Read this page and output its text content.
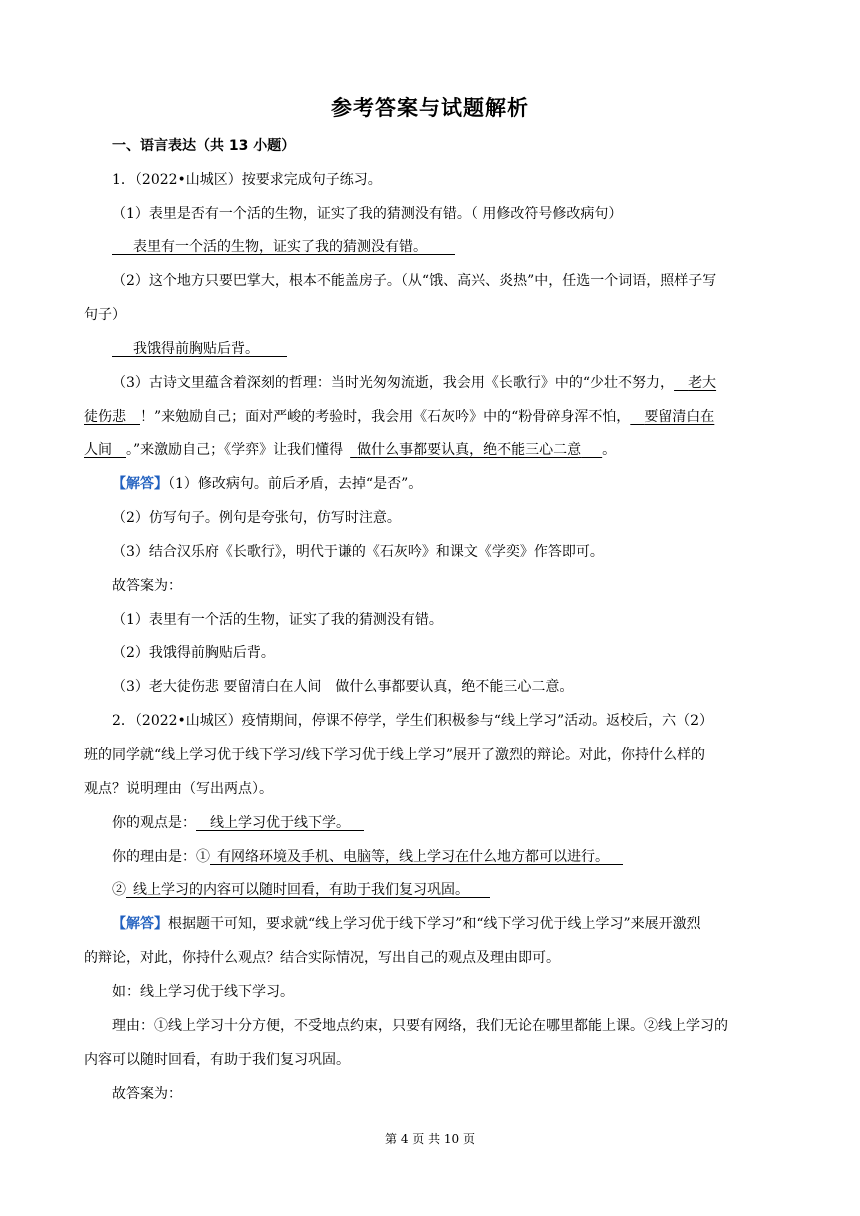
参考答案与试题解析
一、语言表达（共 13 小题）
1．（2022•山城区）按要求完成句子练习。
（1）表里是否有一个活的生物，证实了我的猜测没有错。（ 用修改符号修改病句）
  表里有一个活的生物，证实了我的猜测没有错。  
（2）这个地方只要巴掌大，根本不能盖房子。（从“饿、高兴、炎热”中，任选一个词语，照样子写
句子）
  我饿得前胸贴后背。  
（3）古诗文里蕴含着深刻的哲理：当时光匆匆流逝，我会用《长歌行》中的“少壮不努力，  老大
徒伤悲  ！”来勉励自己；面对严峻的考验时，我会用《石灰吟》中的“粉骨碎身浑不怕，  要留清白在
人间  。”来激励自己；《学弈》让我们懂得   做什么事都要认真，绝不能三心二意   。
【解答】（1）修改病句。前后矛盾，去掉“是否”。
（2）仿写句子。例句是夸张句，仿写时注意。
（3）结合汉乐府《长歌行》，明代于谦的《石灰吟》和课文《学奕》作答即可。
故答案为：
（1）表里有一个活的生物，证实了我的猜测没有错。
（2）我饿得前胸贴后背。
（3）老大徒伤悲 要留清白在人间　做什么事都要认真，绝不能三心二意。
2．（2022•山城区）疫情期间，停课不停学，学生们积极参与“线上学习”活动。返校后，六（2）
班的同学就“线上学习优于线下学习/线下学习优于线上学习”展开了激烈的辩论。对此，你持什么样的
观点？说明理由（写出两点）。
你的观点是：  线上学习优于线下学。 
你的理由是：①  有网络环境及手机、电脑等，线上学习在什么地方都可以进行。 
②  线上学习的内容可以随时回看，有助于我们复习巩固。  
【解答】根据题干可知，要求就“线上学习优于线下学习”和“线下学习优于线上学习”来展开激烈
的辩论，对此，你持什么观点？结合实际情况，写出自己的观点及理由即可。
如：线上学习优于线下学习。
理由：①线上学习十分方便，不受地点约束，只要有网络，我们无论在哪里都能上课。②线上学习的
内容可以随时回看，有助于我们复习巩固。
故答案为：
第 4 页 共 10 页
